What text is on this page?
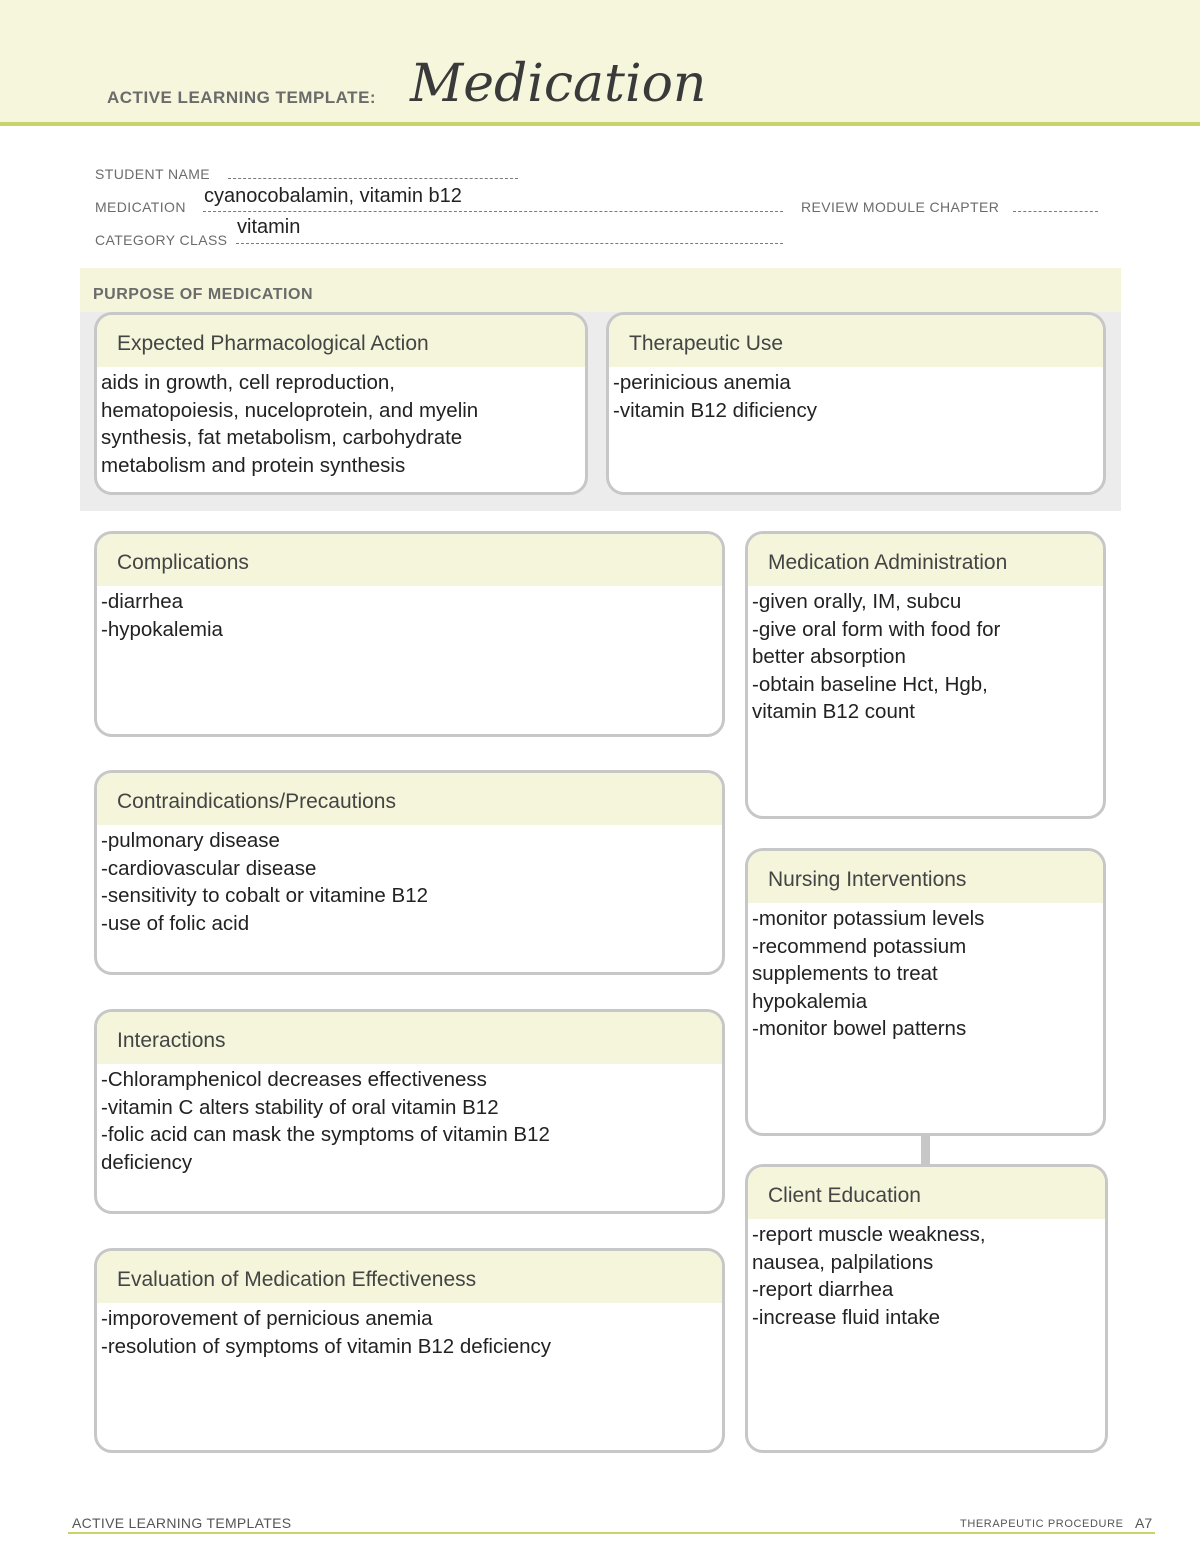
ACTIVE LEARNING TEMPLATE: Medication
STUDENT NAME
MEDICATION cyanocobalamin, vitamin b12	REVIEW MODULE CHAPTER
CATEGORY CLASS
vitamin
PURPOSE OF MEDICATION
Expected Pharmacological Action
aids in growth, cell reproduction,
hematopoiesis, nuceloprotein, and myelin
synthesis, fat metabolism, carbohydrate
metabolism and protein synthesis
Therapeutic Use
-perinicious anemia
-vitamin B12 dificiency
Complications
-diarrhea
-hypokalemia
Contraindications/Precautions
-pulmonary disease
-cardiovascular disease
-sensitivity to cobalt or vitamine B12
-use of folic acid
Interactions
-Chloramphenicol decreases effectiveness
-vitamin C alters stability of oral vitamin B12
-folic acid can mask the symptoms of vitamin B12
deficiency
Evaluation of Medication Effectiveness
-imporovement of pernicious anemia
-resolution of symptoms of vitamin B12 deficiency
Medication Administration
-given orally, IM, subcu
-give oral form with food for
better absorption
-obtain baseline Hct, Hgb,
vitamin B12 count
Nursing Interventions
-monitor potassium levels
-recommend potassium
supplements to treat
hypokalemia
-monitor bowel patterns
Client Education
-report muscle weakness,
nausea, palpilations
-report diarrhea
-increase fluid intake
ACTIVE LEARNING TEMPLATES	THERAPEUTIC PROCEDURE A7
